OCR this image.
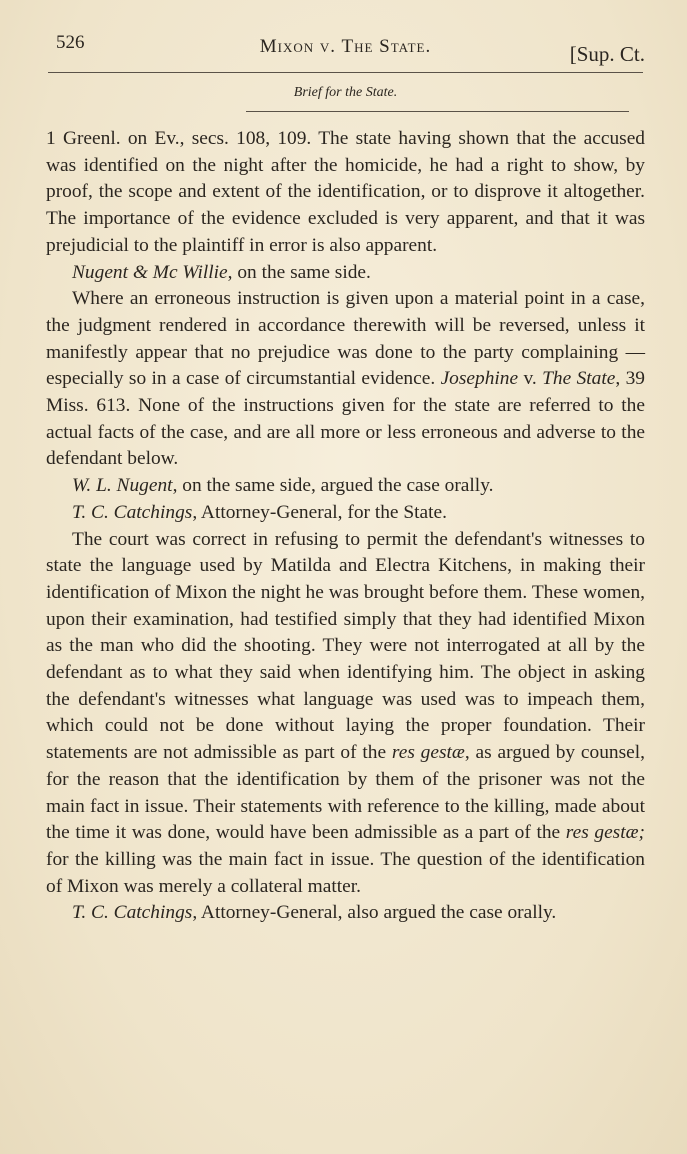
526	Mixon v. The State.	[Sup. Ct.
Brief for the State.

1 Greenl. on Ev., secs. 108, 109. The state having shown that the accused was identified on the night after the homicide, he had a right to show, by proof, the scope and extent of the identification, or to disprove it altogether. The importance of the evidence excluded is very apparent, and that it was prejudicial to the plaintiff in error is also apparent.

Nugent & Mc Willie, on the same side.

Where an erroneous instruction is given upon a material point in a case, the judgment rendered in accordance therewith will be reversed, unless it manifestly appear that no prejudice was done to the party complaining — especially so in a case of circumstantial evidence. Josephine v. The State, 39 Miss. 613. None of the instructions given for the state are referred to the actual facts of the case, and are all more or less erroneous and adverse to the defendant below.

W. L. Nugent, on the same side, argued the case orally.

T. C. Catchings, Attorney-General, for the State.

The court was correct in refusing to permit the defendant's witnesses to state the language used by Matilda and Electra Kitchens, in making their identification of Mixon the night he was brought before them. These women, upon their examination, had testified simply that they had identified Mixon as the man who did the shooting. They were not interrogated at all by the defendant as to what they said when identifying him. The object in asking the defendant's witnesses what language was used was to impeach them, which could not be done without laying the proper foundation. Their statements are not admissible as part of the res gestæ, as argued by counsel, for the reason that the identification by them of the prisoner was not the main fact in issue. Their statements with reference to the killing, made about the time it was done, would have been admissible as a part of the res gestæ; for the killing was the main fact in issue. The question of the identification of Mixon was merely a collateral matter.

T. C. Catchings, Attorney-General, also argued the case orally.
